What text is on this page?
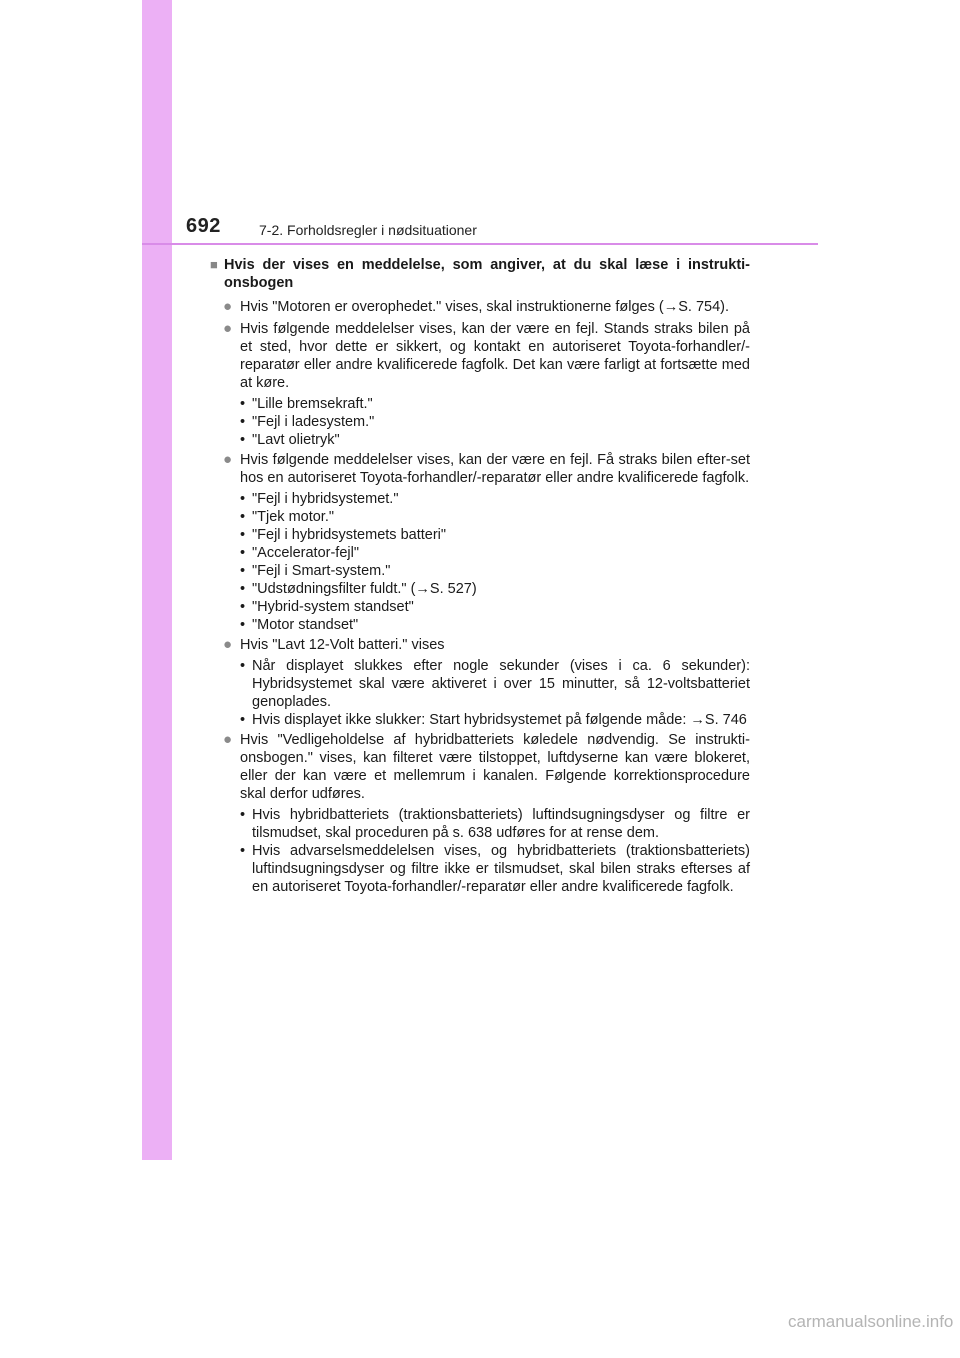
692	7-2. Forholdsregler i nødsituationer
■ Hvis der vises en meddelelse, som angiver, at du skal læse i instrukti-onsbogen
● Hvis "Motoren er overophedet." vises, skal instruktionerne følges (→S. 754).
● Hvis følgende meddelelser vises, kan der være en fejl. Stands straks bilen på et sted, hvor dette er sikkert, og kontakt en autoriseret Toyota-forhandler/-reparatør eller andre kvalificerede fagfolk. Det kan være farligt at fortsætte med at køre.
• "Lille bremsekraft."
• "Fejl i ladesystem."
• "Lavt olietryk"
● Hvis følgende meddelelser vises, kan der være en fejl. Få straks bilen efter-set hos en autoriseret Toyota-forhandler/-reparatør eller andre kvalificerede fagfolk.
• "Fejl i hybridsystemet."
• "Tjek motor."
• "Fejl i hybridsystemets batteri"
• "Accelerator-fejl"
• "Fejl i Smart-system."
• "Udstødningsfilter fuldt." (→S. 527)
• "Hybrid-system standset"
• "Motor standset"
● Hvis "Lavt 12-Volt batteri." vises
• Når displayet slukkes efter nogle sekunder (vises i ca. 6 sekunder): Hybridsystemet skal være aktiveret i over 15 minutter, så 12-voltsbatteriet genoplades.
• Hvis displayet ikke slukker: Start hybridsystemet på følgende måde: →S. 746
● Hvis "Vedligeholdelse af hybridbatteriets køledele nødvendig. Se instrukti-onsbogen." vises, kan filteret være tilstoppet, luftdyserne kan være blokeret, eller der kan være et mellemrum i kanalen. Følgende korrektionsprocedure skal derfor udføres.
• Hvis hybridbatteriets (traktionsbatteriets) luftindsugningsdyser og filtre er tilsmudset, skal proceduren på s. 638 udføres for at rense dem.
• Hvis advarselsmeddelelsen vises, og hybridbatteriets (traktionsbatteriets) luftindsugningsdyser og filtre ikke er tilsmudset, skal bilen straks efterses af en autoriseret Toyota-forhandler/-reparatør eller andre kvalificerede fagfolk.
carmanualsonline.info
